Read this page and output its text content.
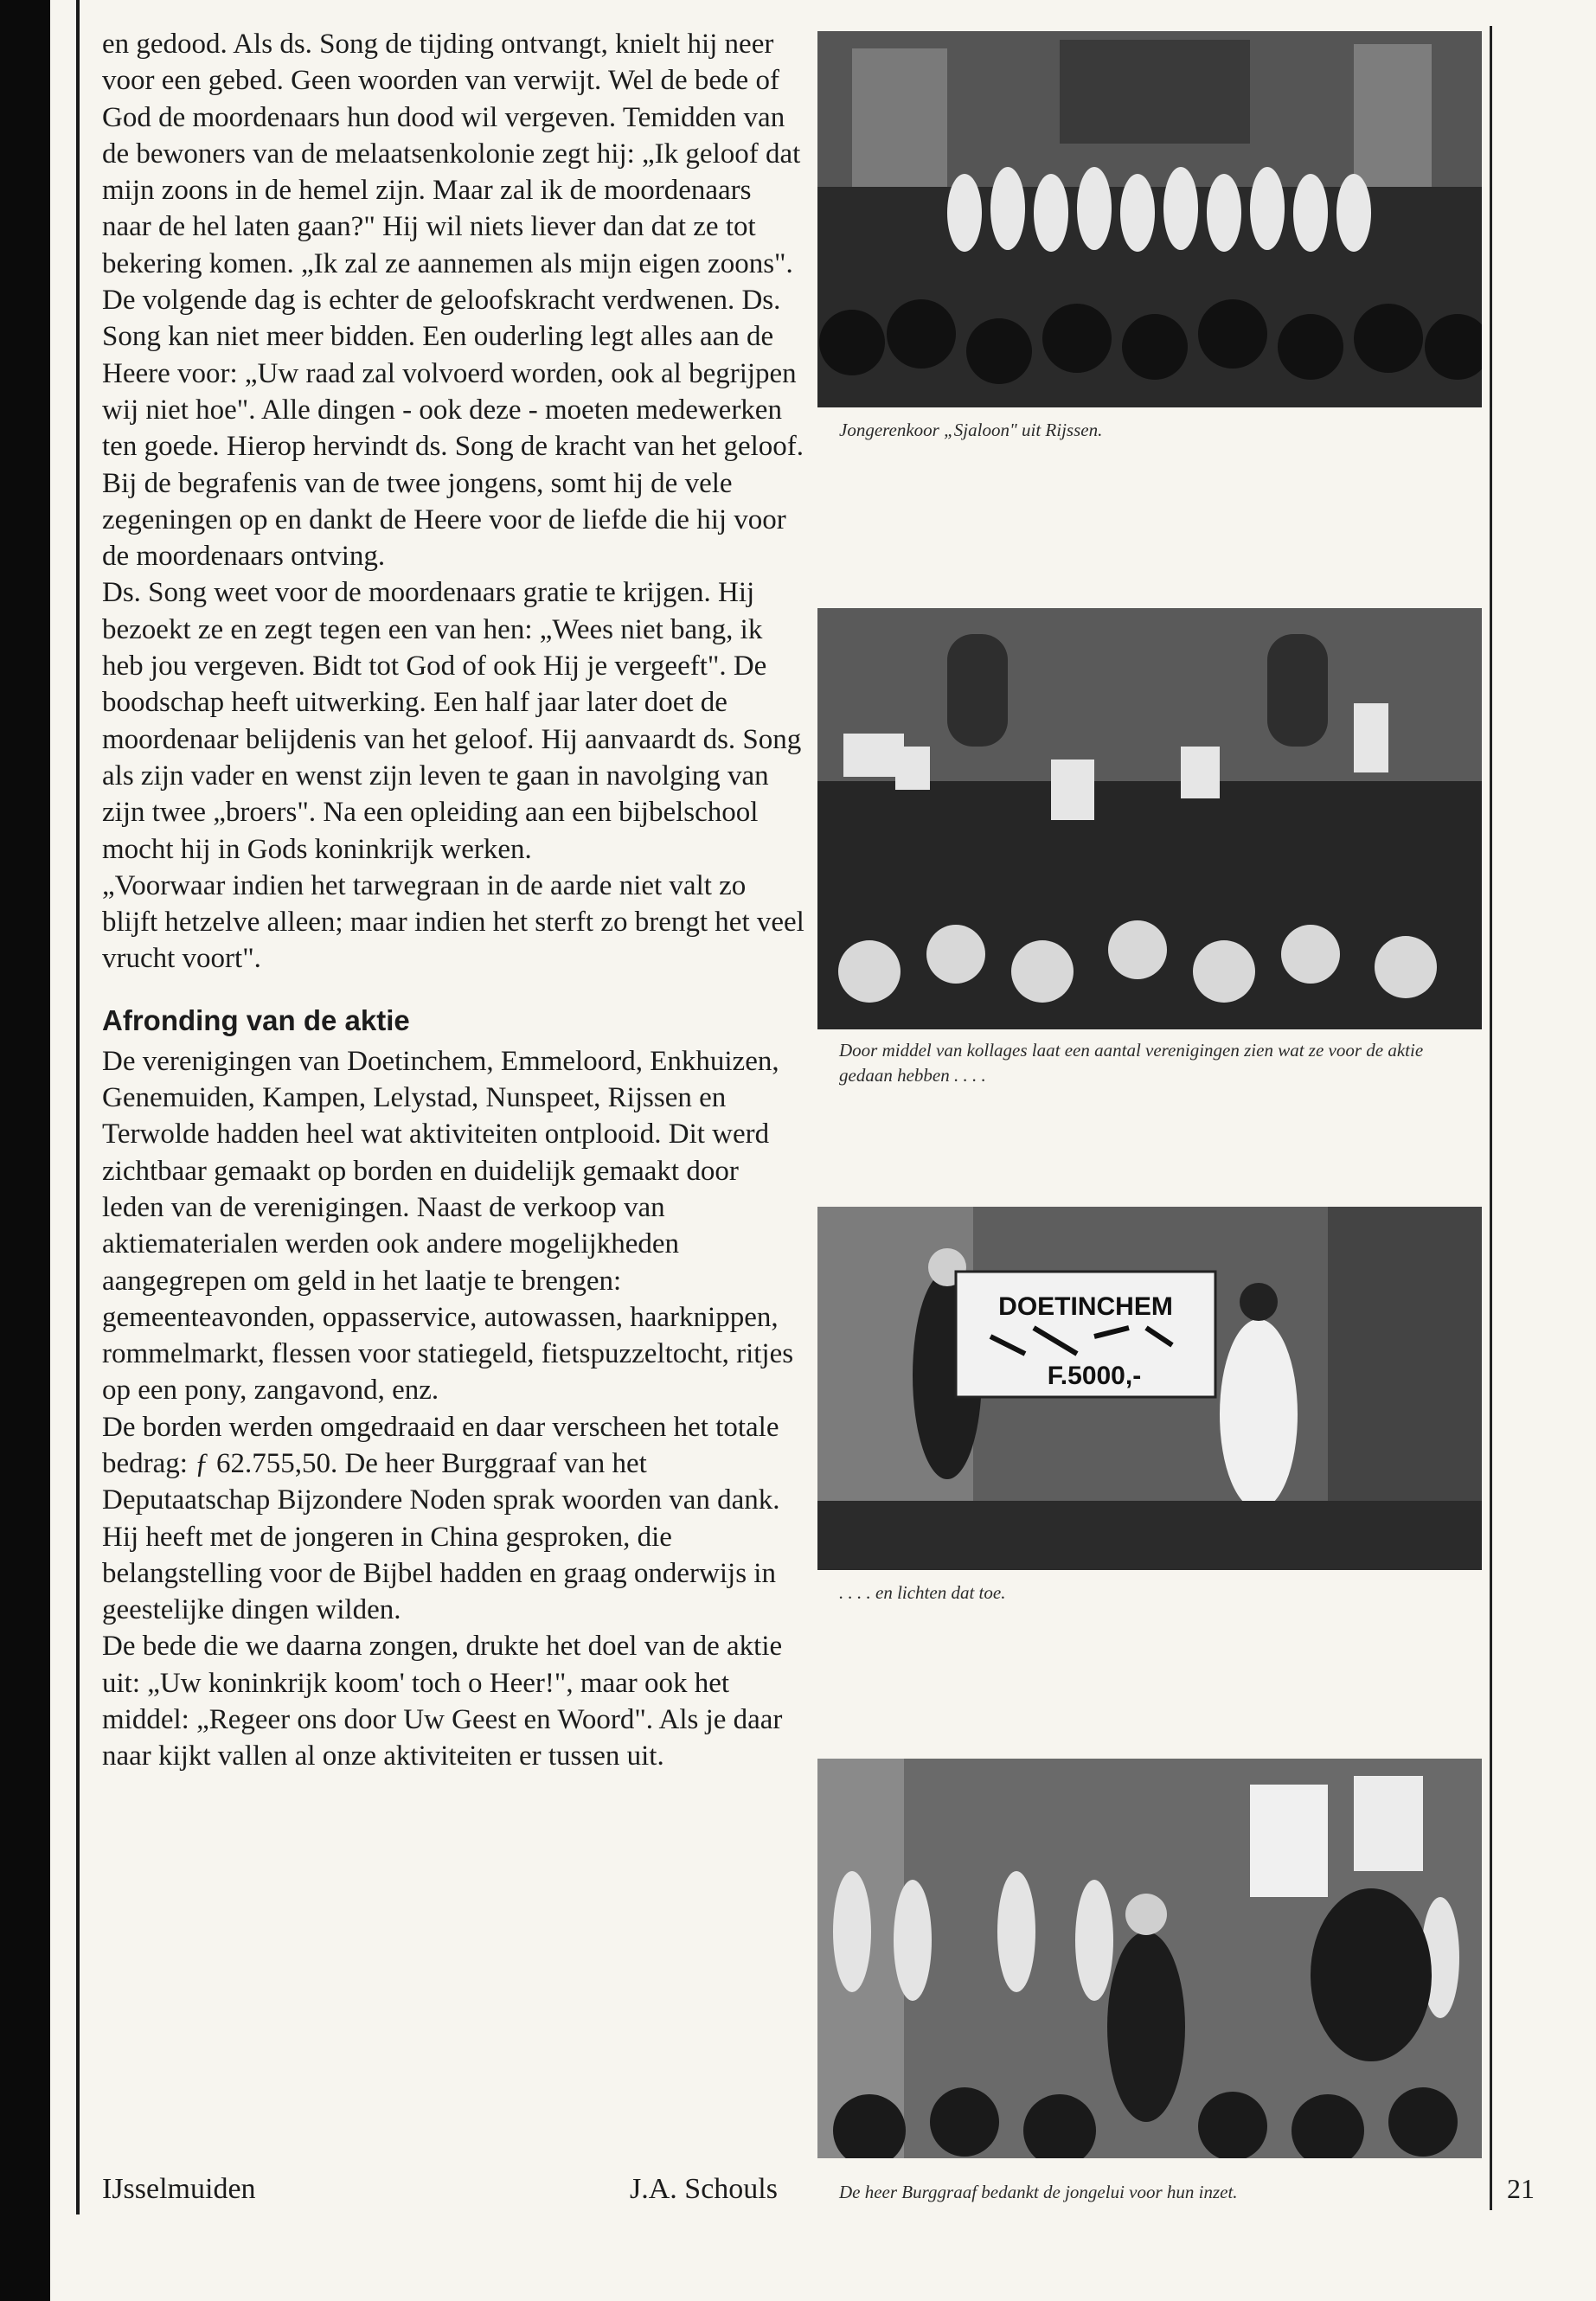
en gedood. Als ds. Song de tijding ontvangt, knielt hij neer voor een gebed. Geen woorden van verwijt. Wel de bede of God de moordenaars hun dood wil vergeven. Temidden van de bewoners van de melaatsenkolonie zegt hij: „Ik geloof dat mijn zoons in de hemel zijn. Maar zal ik de moordenaars naar de hel laten gaan?" Hij wil niets liever dan dat ze tot bekering komen. „Ik zal ze aannemen als mijn eigen zoons".

De volgende dag is echter de geloofskracht verdwenen. Ds. Song kan niet meer bidden. Een ouderling legt alles aan de Heere voor: „Uw raad zal volvoerd worden, ook al begrijpen wij niet hoe". Alle dingen - ook deze - moeten medewerken ten goede. Hierop hervindt ds. Song de kracht van het geloof.

Bij de begrafenis van de twee jongens, somt hij de vele zegeningen op en dankt de Heere voor de liefde die hij voor de moordenaars ontving.

Ds. Song weet voor de moordenaars gratie te krijgen. Hij bezoekt ze en zegt tegen een van hen: „Wees niet bang, ik heb jou vergeven. Bidt tot God of ook Hij je vergeeft". De boodschap heeft uitwerking. Een half jaar later doet de moordenaar belijdenis van het geloof. Hij aanvaardt ds. Song als zijn vader en wenst zijn leven te gaan in navolging van zijn twee „broers". Na een opleiding aan een bijbelschool mocht hij in Gods koninkrijk werken.

„Voorwaar indien het tarwegraan in de aarde niet valt zo blijft hetzelve alleen; maar indien het sterft zo brengt het veel vrucht voort".

Afronding van de aktie

De verenigingen van Doetinchem, Emmeloord, Enkhuizen, Genemuiden, Kampen, Lelystad, Nunspeet, Rijssen en Terwolde hadden heel wat aktiviteiten ontplooid. Dit werd zichtbaar gemaakt op borden en duidelijk gemaakt door leden van de verenigingen. Naast de verkoop van aktiematerialen werden ook andere mogelijkheden aangegrepen om geld in het laatje te brengen: gemeenteavonden, oppasservice, autowassen, haarknippen, rommelmarkt, flessen voor statiegeld, fietspuzzeltocht, ritjes op een pony, zangavond, enz.

De borden werden omgedraaid en daar verscheen het totale bedrag: ƒ 62.755,50. De heer Burggraaf van het Deputaatschap Bijzondere Noden sprak woorden van dank. Hij heeft met de jongeren in China gesproken, die belangstelling voor de Bijbel hadden en graag onderwijs in geestelijke dingen wilden.

De bede die we daarna zongen, drukte het doel van de aktie uit: „Uw koninkrijk koom' toch o Heer!", maar ook het middel: „Regeer ons door Uw Geest en Woord". Als je daar naar kijkt vallen al onze aktiviteiten er tussen uit.

IJsselmuiden	J.A. Schouls	21
Jongerenkoor „Sjaloon" uit Rijssen.
Door middel van kollages laat een aantal verenigingen zien wat ze voor de aktie gedaan hebben . . . .
DOETINCHEM
F.5000,-
. . . . en lichten dat toe.
De heer Burggraaf bedankt de jongelui voor hun inzet.
